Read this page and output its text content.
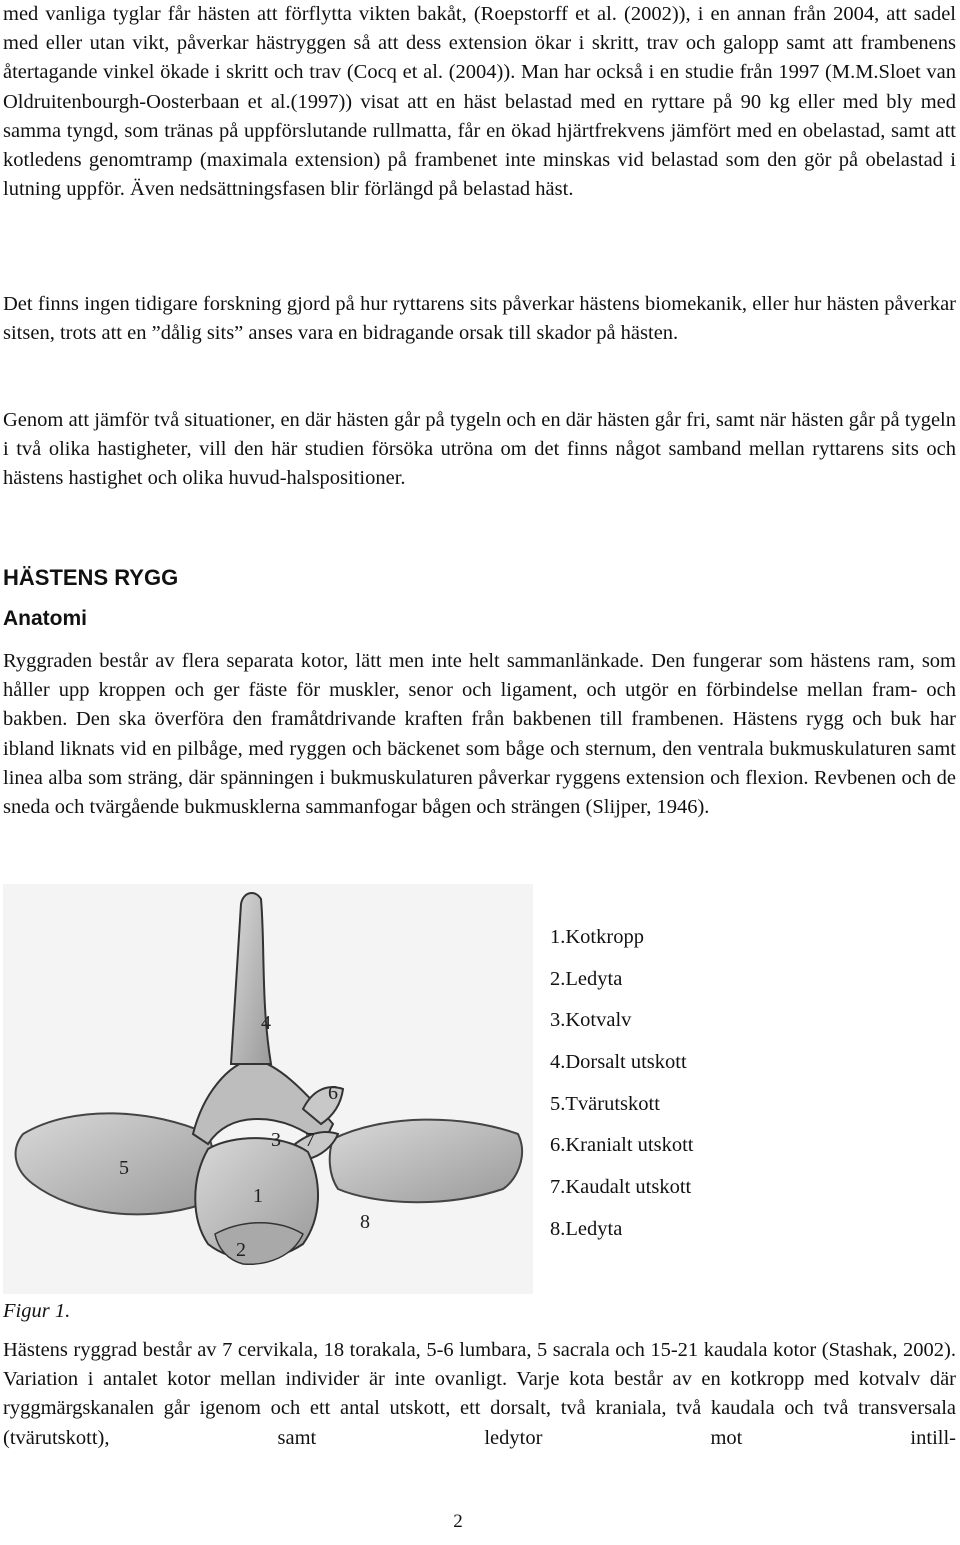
med vanliga tyglar får hästen att förflytta vikten bakåt, (Roepstorff et al. (2002)), i en annan från 2004, att sadel med eller utan vikt, påverkar hästryggen så att dess extension ökar i skritt, trav och galopp samt att frambenens återtagande vinkel ökade i skritt och trav (Cocq et al. (2004)). Man har också i en studie från 1997 (M.M.Sloet van Oldruitenbourgh-Oosterbaan et al.(1997)) visat att en häst belastad med en ryttare på 90 kg eller med bly med samma tyngd, som tränas på uppförslutande rullmatta, får en ökad hjärtfrekvens jämfört med en obelastad, samt att kotledens genomtramp (maximala extension) på frambenet inte minskas vid belastad som den gör på obelastad i lutning uppför. Även nedsättningsfasen blir förlängd på belastad häst.

Det finns ingen tidigare forskning gjord på hur ryttarens sits påverkar hästens biomekanik, eller hur hästen påverkar sitsen, trots att en ”dålig sits” anses vara en bidragande orsak till skador på hästen.

Genom att jämför två situationer, en där hästen går på tygeln och en där hästen går fri, samt när hästen går på tygeln i två olika hastigheter, vill den här studien försöka utröna om det finns något samband mellan ryttarens sits och hästens hastighet och olika huvud-halspositioner.

HÄSTENS RYGG
Anatomi

Ryggraden består av flera separata kotor, lätt men inte helt sammanlänkade. Den fungerar som hästens ram, som håller upp kroppen och ger fäste för muskler, senor och ligament, och utgör en förbindelse mellan fram- och bakben. Den ska överföra den framåtdrivande kraften från bakbenen till frambenen. Hästens rygg och buk har ibland liknats vid en pilbåge, med ryggen och bäckenet som båge och sternum, den ventrala bukmuskulaturen samt linea alba som sträng, där spänningen i bukmuskulaturen påverkar ryggens extension och flexion. Revbenen och de sneda och tvärgående bukmusklerna sammanfogar bågen och strängen (Slijper, 1946).

1
2
3
4
5
6
7
8
1.Kotkropp
2.Ledyta
3.Kotvalv
4.Dorsalt utskott
5.Tvärutskott
6.Kranialt utskott
7.Kaudalt utskott
8.Ledyta

Figur 1.

Hästens ryggrad består av 7 cervikala, 18 torakala, 5-6 lumbara, 5 sacrala och 15-21 kaudala kotor (Stashak, 2002). Variation i antalet kotor mellan individer är inte ovanligt. Varje kota består av en kotkropp med kotvalv där ryggmärgskanalen går igenom och ett antal utskott, ett dorsalt, två kraniala, två kaudala och två transversala (tvärutskott), samt ledytor mot intill-

2
